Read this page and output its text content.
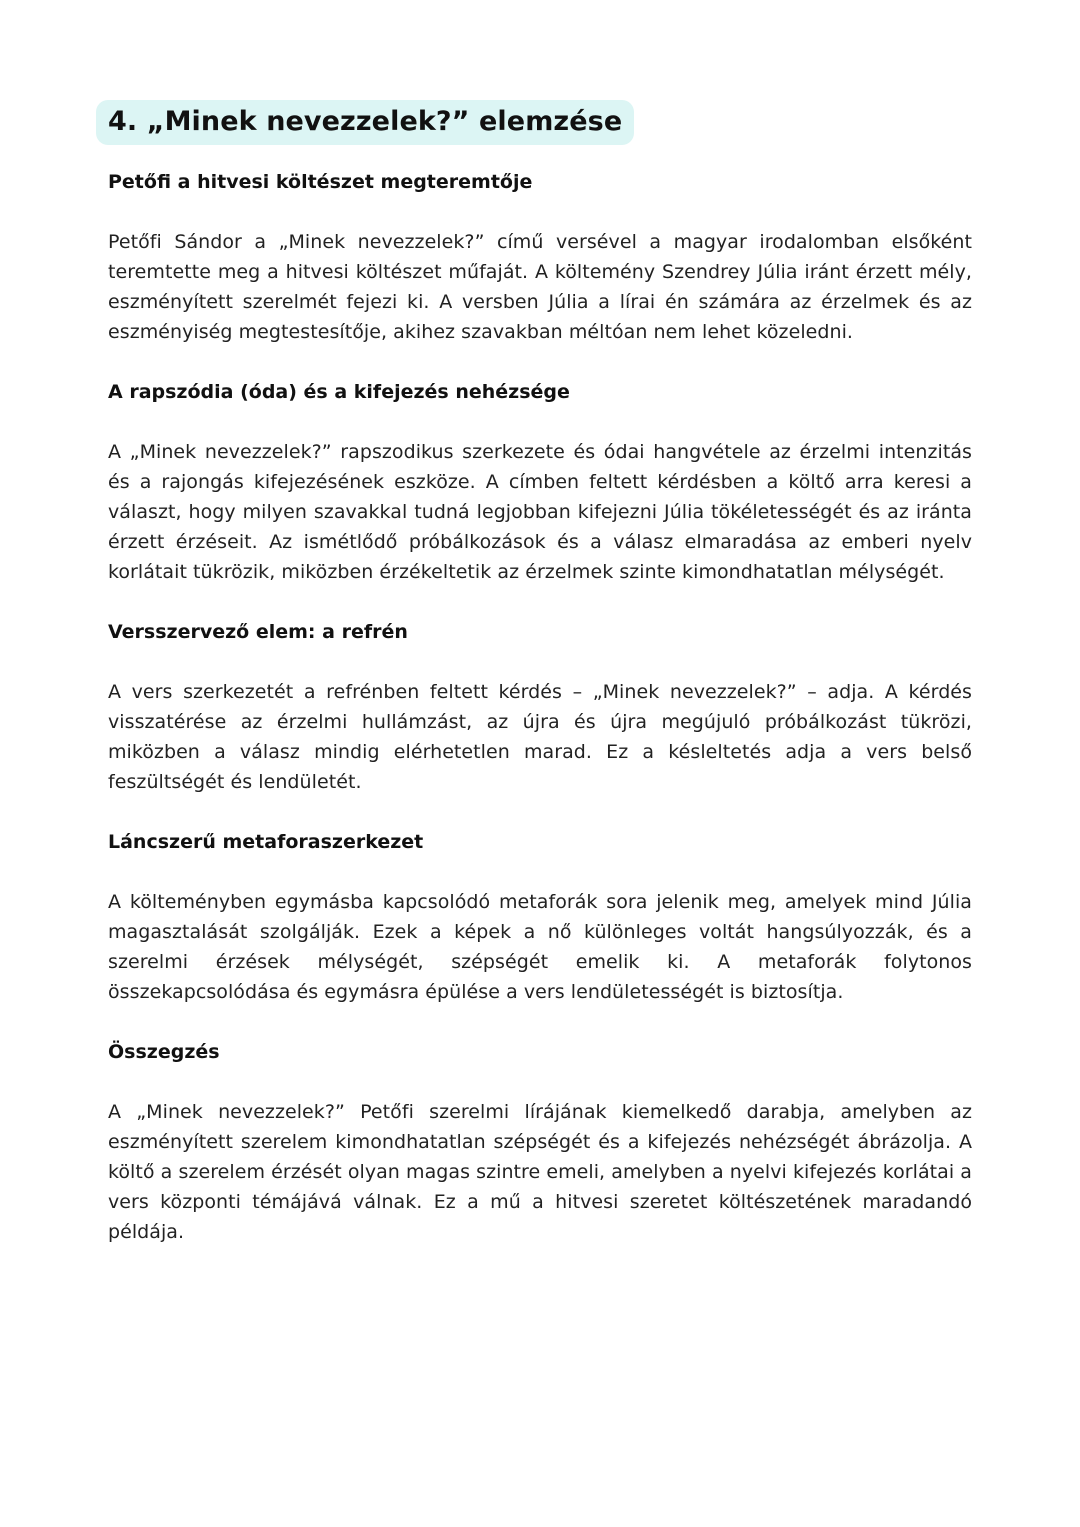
4. „Minek nevezzelek?” elemzése
Petőfi a hitvesi költészet megteremtője

Petőfi Sándor a „Minek nevezzelek?” című versével a magyar irodalomban elsőként teremtette meg a hitvesi költészet műfaját. A költemény Szendrey Júlia iránt érzett mély, eszményített szerelmét fejezi ki. A versben Júlia a lírai én számára az érzelmek és az eszményiség megtestesítője, akihez szavakban méltóan nem lehet közeledni.

A rapszódia (óda) és a kifejezés nehézsége

A „Minek nevezzelek?” rapszodikus szerkezete és ódai hangvétele az érzelmi intenzitás és a rajongás kifejezésének eszköze. A címben feltett kérdésben a költő arra keresi a választ, hogy milyen szavakkal tudná legjobban kifejezni Júlia tökéletességét és az iránta érzett érzéseit. Az ismétlődő próbálkozások és a válasz elmaradása az emberi nyelv korlátait tükrözik, miközben érzékeltetik az érzelmek szinte kimondhatatlan mélységét.

Versszervező elem: a refrén

A vers szerkezetét a refrénben feltett kérdés – „Minek nevezzelek?” – adja. A kérdés visszatérése az érzelmi hullámzást, az újra és újra megújuló próbálkozást tükrözi, miközben a válasz mindig elérhetetlen marad. Ez a késleltetés adja a vers belső feszültségét és lendületét.

Láncszerű metaforaszerkezet

A költeményben egymásba kapcsolódó metaforák sora jelenik meg, amelyek mind Júlia magasztalását szolgálják. Ezek a képek a nő különleges voltát hangsúlyozzák, és a szerelmi érzések mélységét, szépségét emelik ki. A metaforák folytonos összekapcsolódása és egymásra épülése a vers lendületességét is biztosítja.

Összegzés

A „Minek nevezzelek?” Petőfi szerelmi lírájának kiemelkedő darabja, amelyben az eszményített szerelem kimondhatatlan szépségét és a kifejezés nehézségét ábrázolja. A költő a szerelem érzését olyan magas szintre emeli, amelyben a nyelvi kifejezés korlátai a vers központi témájává válnak. Ez a mű a hitvesi szeretet költészetének maradandó példája.
